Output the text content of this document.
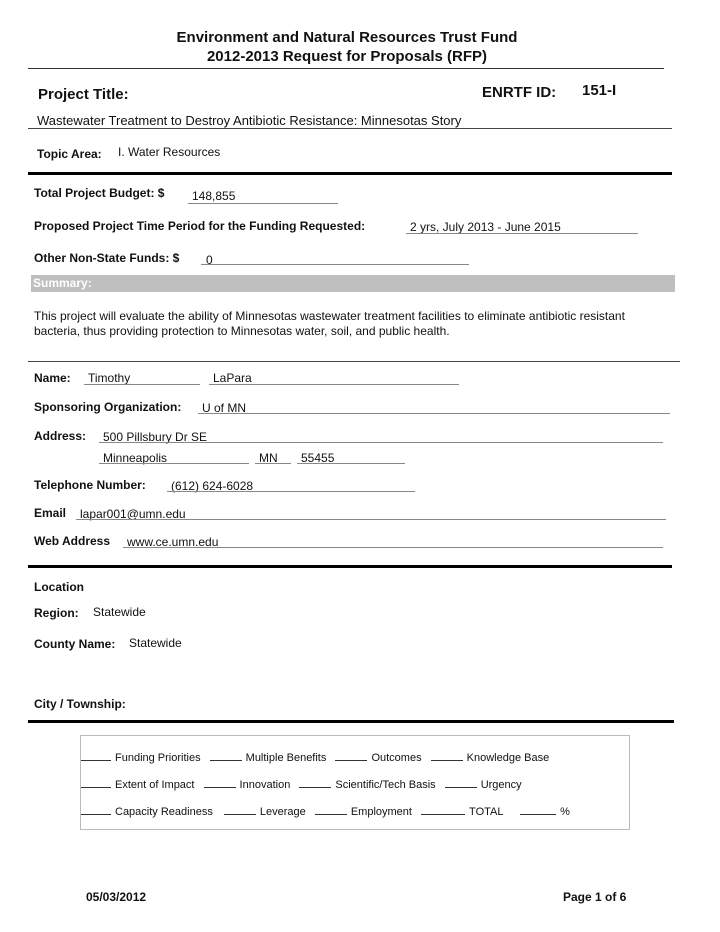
Environment and Natural Resources Trust Fund
2012-2013 Request for Proposals (RFP)
Project Title:	ENRTF ID: 151-I
Wastewater Treatment to Destroy Antibiotic Resistance: Minnesotas Story
Topic Area: I. Water Resources
Total Project Budget: $ 148,855
Proposed Project Time Period for the Funding Requested:	2 yrs, July 2013 - June 2015
Other Non-State Funds: $ 0
Summary:
This project will evaluate the ability of Minnesotas wastewater treatment facilities to eliminate antibiotic resistant bacteria, thus providing protection to Minnesotas water, soil, and public health.
Name: Timothy	LaPara
Sponsoring Organization: U of MN
Address: 500 Pillsbury Dr SE
Minneapolis	MN 55455
Telephone Number: (612) 624-6028
Email lapar001@umn.edu
Web Address www.ce.umn.edu
Location
Region: Statewide
County Name: Statewide
City / Township:
Funding Priorities	Multiple Benefits	Outcomes	Knowledge Base
Extent of Impact	Innovation	Scientific/Tech Basis	Urgency
Capacity Readiness	Leverage	Employment	TOTAL	%
05/03/2012	Page 1 of 6
